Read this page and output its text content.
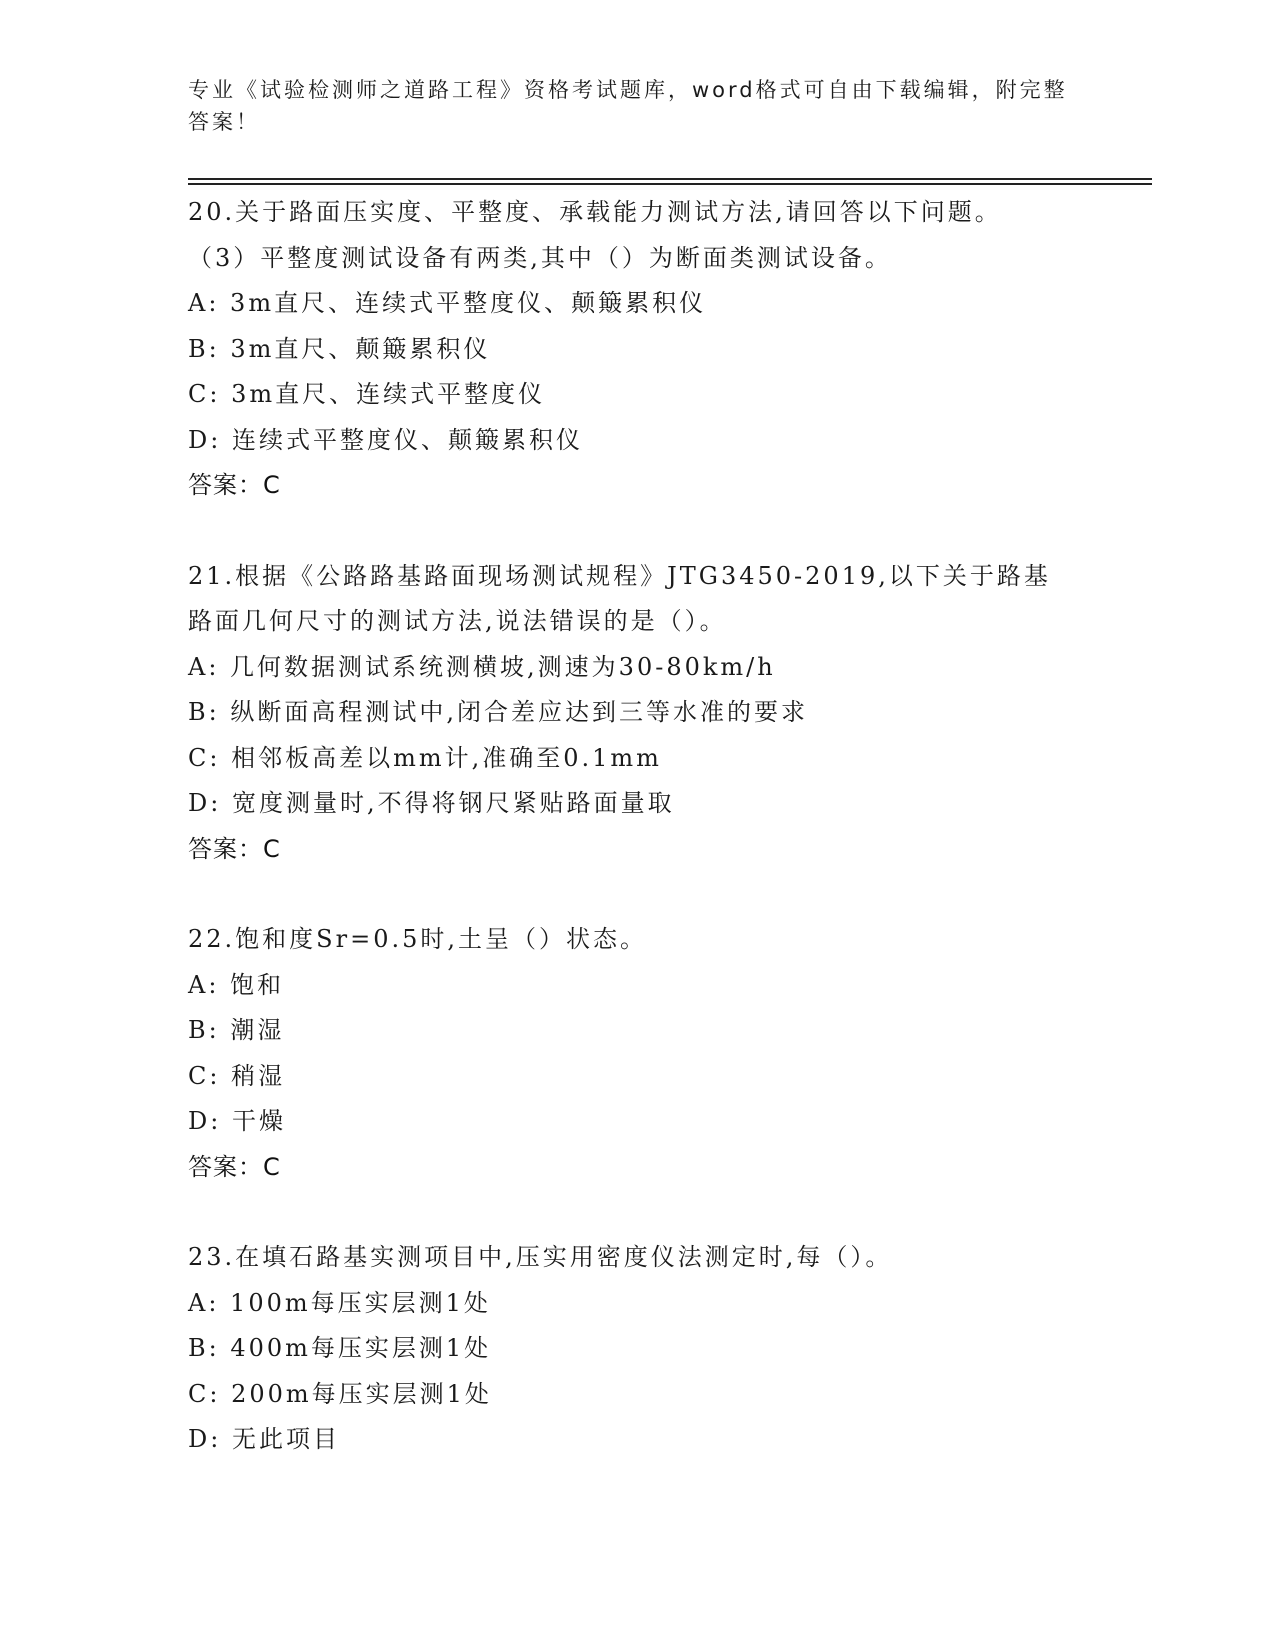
专业《试验检测师之道路工程》资格考试题库，word格式可自由下载编辑，附完整答案！
20.关于路面压实度、平整度、承载能力测试方法,请回答以下问题。
（3）平整度测试设备有两类,其中（）为断面类测试设备。
A: 3m直尺、连续式平整度仪、颠簸累积仪
B: 3m直尺、颠簸累积仪
C: 3m直尺、连续式平整度仪
D: 连续式平整度仪、颠簸累积仪
答案：C
21.根据《公路路基路面现场测试规程》JTG3450-2019,以下关于路基
路面几何尺寸的测试方法,说法错误的是（）。
A: 几何数据测试系统测横坡,测速为30-80km/h
B: 纵断面高程测试中,闭合差应达到三等水准的要求
C: 相邻板高差以mm计,准确至0.1mm
D: 宽度测量时,不得将钢尺紧贴路面量取
答案：C
22.饱和度Sr=0.5时,土呈（）状态。
A: 饱和
B: 潮湿
C: 稍湿
D: 干燥
答案：C
23.在填石路基实测项目中,压实用密度仪法测定时,每（）。
A: 100m每压实层测1处
B: 400m每压实层测1处
C: 200m每压实层测1处
D: 无此项目
